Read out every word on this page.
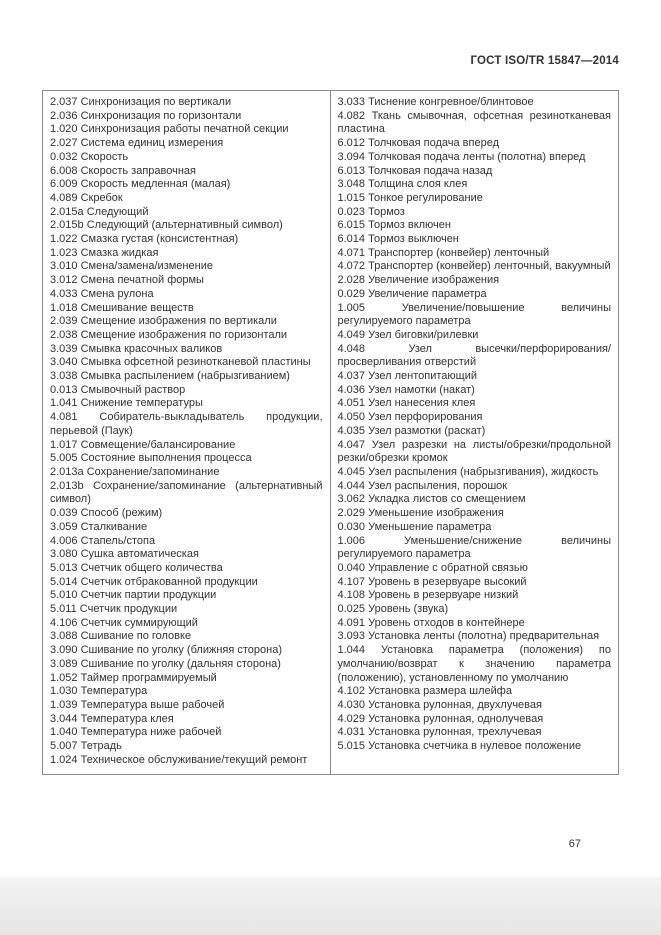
ГОСТ ISO/TR 15847—2014

2.037 Синхронизация по вертикали

2.036 Синхронизация по горизонтали

1.020 Синхронизация работы печатной секции

2.027 Система единиц измерения

0.032 Скорость

6.008 Скорость заправочная

6.009 Скорость медленная (малая)

4.089 Скребок

2.015a Следующий

2.015b Следующий (альтернативный символ)

1.022 Смазка густая (консистентная)

1.023 Смазка жидкая

3.010 Смена/замена/изменение

3.012 Смена печатной формы

4.033 Смена рулона

1.018 Смешивание веществ

2.039 Смещение изображения по вертикали

2.038 Смещение изображения по горизонтали

3.039 Смывка красочных валиков

3.040 Смывка офсетной резинотканевой пластины

3.038 Смывка распылением (набрызгиванием)

0.013 Смывочный раствор

1.041 Снижение температуры

4.081 Собиратель-выкладыватель продукции, перьевой (Паук)

1.017 Совмещение/балансирование

5.005 Состояние выполнения процесса

2.013a Сохранение/запоминание

2.013b Сохранение/запоминание (альтернативный символ)

0.039 Способ (режим)

3.059 Сталкивание

4.006 Стапель/стопа

3.080 Сушка автоматическая

5.013 Счетчик общего количества

5.014 Счетчик отбракованной продукции

5.010 Счетчик партии продукции

5.011 Счетчик продукции

4.106 Счетчик суммирующий

3.088 Сшивание по головке

3.090 Сшивание по уголку (ближняя сторона)

3.089 Сшивание по уголку (дальняя сторона)

1.052 Таймер программируемый

1.030 Температура

1.039 Температура выше рабочей

3.044 Температура клея

1.040 Температура ниже рабочей

5.007 Тетрадь

1.024 Техническое обслуживание/текущий ремонт

3.033 Тиснение конгревное/блинтовое

4.082 Ткань смывочная, офсетная резинотканевая пластина

6.012 Толчковая подача вперед

3.094 Толчковая подача ленты (полотна) вперед

6.013 Толчковая подача назад

3.048 Толщина слоя клея

1.015 Тонкое регулирование

0.023 Тормоз

6.015 Тормоз включен

6.014 Тормоз выключен

4.071 Транспортер (конвейер) ленточный

4.072 Транспортер (конвейер) ленточный, вакуумный

2.028 Увеличение изображения

0.029 Увеличение параметра

1.005	Увеличение/повышение величины регулируемого параметра

4.049 Узел биговки/рилевки

4.048	Узел высечки/перфорирования/ просверливания отверстий

4.037 Узел лентопитающий

4.036 Узел намотки (накат)

4.051 Узел нанесения клея

4.050 Узел перфорирования

4.035 Узел размотки (раскат)

4.047 Узел разрезки на листы/обрезки/продольной резки/обрезки кромок

4.045 Узел распыления (набрызгивания), жидкость

4.044 Узел распыления, порошок

3.062 Укладка листов со смещением

2.029 Уменьшение изображения

0.030 Уменьшение параметра

1.006	Уменьшение/снижение величины регулируемого параметра

0.040 Управление с обратной связью

4.107 Уровень в резервуаре высокий

4.108 Уровень в резервуаре низкий

0.025 Уровень (звука)

4.091 Уровень отходов в контейнере

3.093 Установка ленты (полотна) предварительная

1.044 Установка параметра (положения) по умолчанию/возврат к значению параметра (положению), установленному по умолчанию

4.102 Установка размера шлейфа

4.030 Установка рулонная, двухлучевая

4.029 Установка рулонная, однолучевая

4.031 Установка рулонная, трехлучевая

5.015 Установка счетчика в нулевое положение

67
